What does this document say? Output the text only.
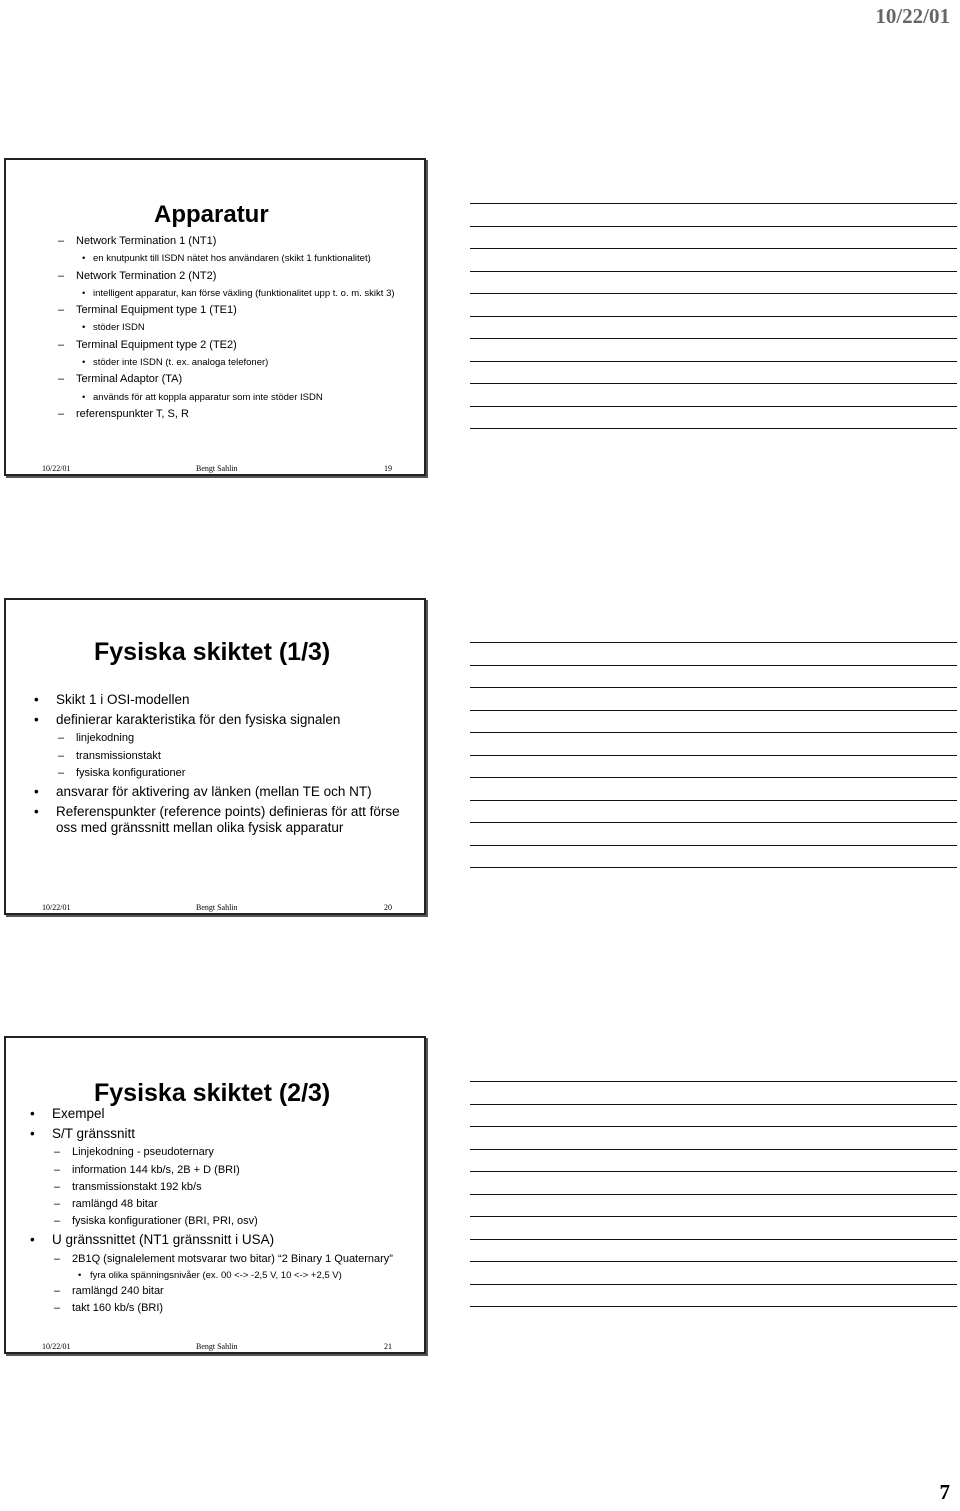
10/22/01
Apparatur
– Network Termination 1 (NT1)
• en knutpunkt till ISDN nätet hos användaren (skikt 1 funktionalitet)
– Network Termination 2 (NT2)
• intelligent apparatur, kan förse växling (funktionalitet upp t. o. m. skikt 3)
– Terminal Equipment type 1 (TE1)
• stöder ISDN
– Terminal Equipment type 2 (TE2)
• stöder inte ISDN (t. ex. analoga telefoner)
– Terminal Adaptor (TA)
• används för att koppla apparatur som inte stöder ISDN
– referenspunkter T, S, R
10/22/01	Bengt Sahlin	19
Fysiska skiktet (1/3)
• Skikt 1 i OSI-modellen
• definierar karakteristika för den fysiska signalen
– linjekodning
– transmissionstakt
– fysiska konfigurationer
• ansvarar för aktivering av länken (mellan TE och NT)
• Referenspunkter (reference points) definieras för att förse oss med gränssnitt mellan olika fysisk apparatur
10/22/01	Bengt Sahlin	20
Fysiska skiktet (2/3)
• Exempel
• S/T gränssnitt
– Linjekodning - pseudoternary
– information 144 kb/s, 2B + D (BRI)
– transmissionstakt 192 kb/s
– ramlängd 48 bitar
– fysiska konfigurationer (BRI, PRI, osv)
• U gränssnittet (NT1 gränssnitt i USA)
– 2B1Q (signalelement motsvarar two bitar) “2 Binary 1 Quaternary”
• fyra olika spänningsnivåer (ex. 00 <-> -2,5 V, 10 <-> +2,5 V)
– ramlängd 240 bitar
– takt 160 kb/s (BRI)
10/22/01	Bengt Sahlin	21
7
